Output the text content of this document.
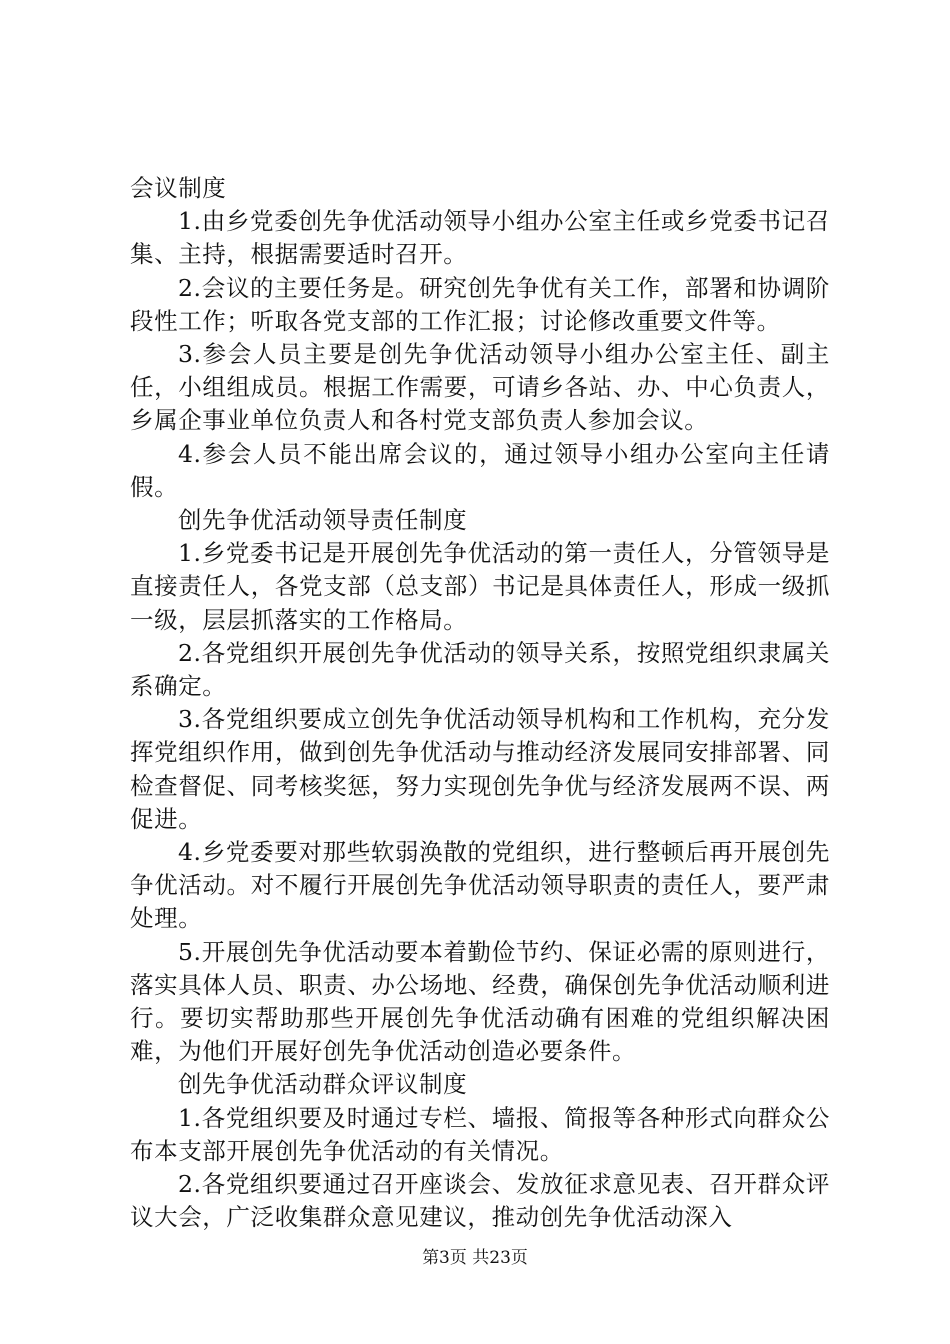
会议制度

1.由乡党委创先争优活动领导小组办公室主任或乡党委书记召集、主持，根据需要适时召开。

2.会议的主要任务是。研究创先争优有关工作，部署和协调阶段性工作；听取各党支部的工作汇报；讨论修改重要文件等。

3.参会人员主要是创先争优活动领导小组办公室主任、副主任，小组组成员。根据工作需要，可请乡各站、办、中心负责人，乡属企事业单位负责人和各村党支部负责人参加会议。

4.参会人员不能出席会议的，通过领导小组办公室向主任请假。

创先争优活动领导责任制度

1.乡党委书记是开展创先争优活动的第一责任人，分管领导是直接责任人，各党支部（总支部）书记是具体责任人，形成一级抓一级，层层抓落实的工作格局。

2.各党组织开展创先争优活动的领导关系，按照党组织隶属关系确定。

3.各党组织要成立创先争优活动领导机构和工作机构，充分发挥党组织作用，做到创先争优活动与推动经济发展同安排部署、同检查督促、同考核奖惩，努力实现创先争优与经济发展两不误、两促进。

4.乡党委要对那些软弱涣散的党组织，进行整顿后再开展创先争优活动。对不履行开展创先争优活动领导职责的责任人，要严肃处理。

5.开展创先争优活动要本着勤俭节约、保证必需的原则进行，落实具体人员、职责、办公场地、经费，确保创先争优活动顺利进行。要切实帮助那些开展创先争优活动确有困难的党组织解决困难，为他们开展好创先争优活动创造必要条件。

创先争优活动群众评议制度

1.各党组织要及时通过专栏、墙报、简报等各种形式向群众公布本支部开展创先争优活动的有关情况。

2.各党组织要通过召开座谈会、发放征求意见表、召开群众评议大会，广泛收集群众意见建议，推动创先争优活动深入

第3页 共23页
